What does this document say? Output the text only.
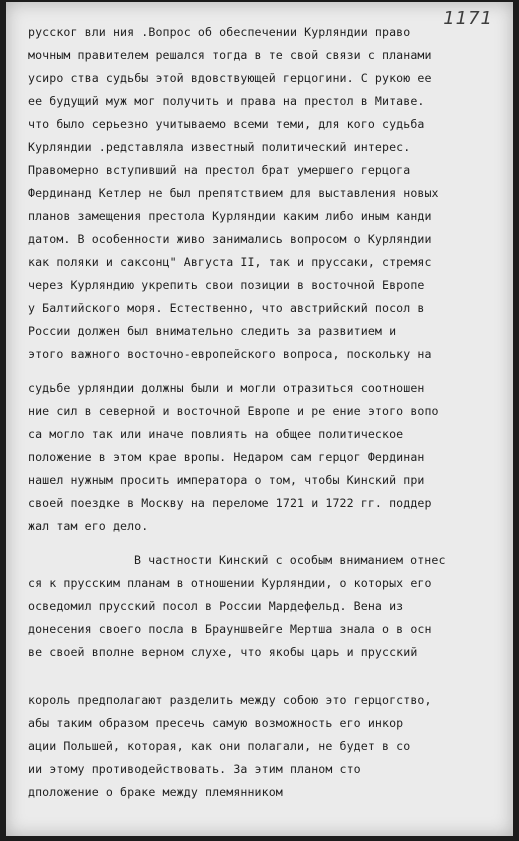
1171
русског вли ния .Вопрос об обеспечении Курляндии право
мочным правителем решался тогда в те свой связи с планами
усиро ства судьбы этой вдовствующей герцогини. С рукою ее
ее будущий муж мог получить и права на престол в Митаве.
что было серьезно учитываемо всеми теми, для кого судьба
Курляндии .редставляла известный политический интерес.
Правомерно вступивший на престол брат умершего герцога
Фердинанд Кетлер не был препятствием для выставления новых
планов замещения престола Курляндии каким либо иным канди
датом. В особенности живо занимались вопросом о Курляндии
как поляки и саксонц" Августа II, так и пруссаки, стремяс
через Курляндию укрепить свои позиции в восточной Европе
у Балтийского моря. Естественно, что австрийский посол в
России должен был внимательно следить за развитием и
этого важного восточно-европейского вопроса, поскольку на
судьбе урляндии должны были и могли отразиться соотношен
ние сил в северной и восточной Европе и ре ение этого вопо
са могло так или иначе повлиять на общее политическое
положение в этом крае вропы. Недаром сам герцог Фердинан
нашел нужным просить императора о том, чтобы Кинский при
своей поездке в Москву на переломе 1721 и 1722 гг. поддер
жал там его дело.
В частности Кинский с особым вниманием отнес
ся к прусским планам в отношении Курляндии, о которых его
осведомил прусский посол в России Мардефельд. Вена из
донесения своего посла в Брауншвейге Мертша знала о в осн
ве своей вполне верном слухе, что якобы царь и прусский
король предполагают разделить между собою это герцогство,
абы таким образом пресечь самую возможность его инкор
ации Польшей, которая, как они полагали, не будет в со
ии этому противодействовать. За этим планом сто
дположение о браке между племянником
